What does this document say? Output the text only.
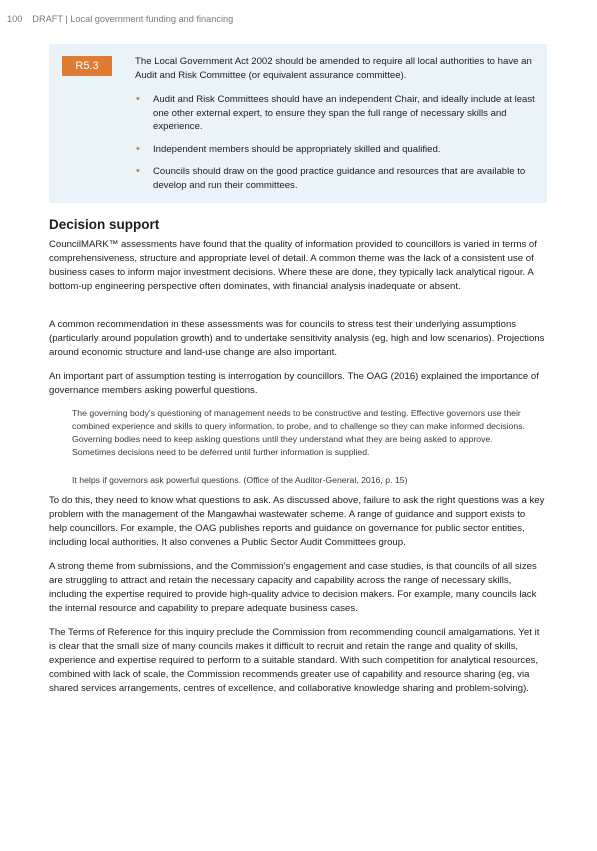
100 DRAFT | Local government funding and financing
R5.3	The Local Government Act 2002 should be amended to require all local authorities to have an Audit and Risk Committee (or equivalent assurance committee).
• Audit and Risk Committees should have an independent Chair, and ideally include at least one other external expert, to ensure they span the full range of necessary skills and experience.
• Independent members should be appropriately skilled and qualified.
• Councils should draw on the good practice guidance and resources that are available to develop and run their committees.
Decision support

CouncilMARK™ assessments have found that the quality of information provided to councillors is varied in terms of comprehensiveness, structure and appropriate level of detail. A common theme was the lack of a consistent use of business cases to inform major investment decisions. Where these are done, they typically lack analytical rigour. A bottom-up engineering perspective often dominates, with financial analysis inadequate or absent.

A common recommendation in these assessments was for councils to stress test their underlying assumptions (particularly around population growth) and to undertake sensitivity analysis (eg, high and low scenarios). Projections around economic structure and land-use change are also important.

An important part of assumption testing is interrogation by councillors. The OAG (2016) explained the importance of governance members asking powerful questions.

The governing body’s questioning of management needs to be constructive and testing. Effective governors use their combined experience and skills to query information, to probe, and to challenge so they can make informed decisions. Governing bodies need to keep asking questions until they understand what they are being asked to approve. Sometimes decisions need to be deferred until further information is supplied.

It helps if governors ask powerful questions. (Office of the Auditor-General, 2016, p. 15)

To do this, they need to know what questions to ask. As discussed above, failure to ask the right questions was a key problem with the management of the Mangawhai wastewater scheme. A range of guidance and support exists to help councillors. For example, the OAG publishes reports and guidance on governance for public sector entities, including local authorities. It also convenes a Public Sector Audit Committees group.

A strong theme from submissions, and the Commission’s engagement and case studies, is that councils of all sizes are struggling to attract and retain the necessary capacity and capability across the range of necessary skills, including the expertise required to provide high-quality advice to decision makers. For example, many councils lack the internal resource and capability to prepare adequate business cases.

The Terms of Reference for this inquiry preclude the Commission from recommending council amalgamations. Yet it is clear that the small size of many councils makes it difficult to recruit and retain the range and quality of skills, experience and expertise required to perform to a suitable standard. With such competition for analytical resources, combined with lack of scale, the Commission recommends greater use of capability and resource sharing (eg, via shared services arrangements, centres of excellence, and collaborative knowledge sharing and problem-solving).
